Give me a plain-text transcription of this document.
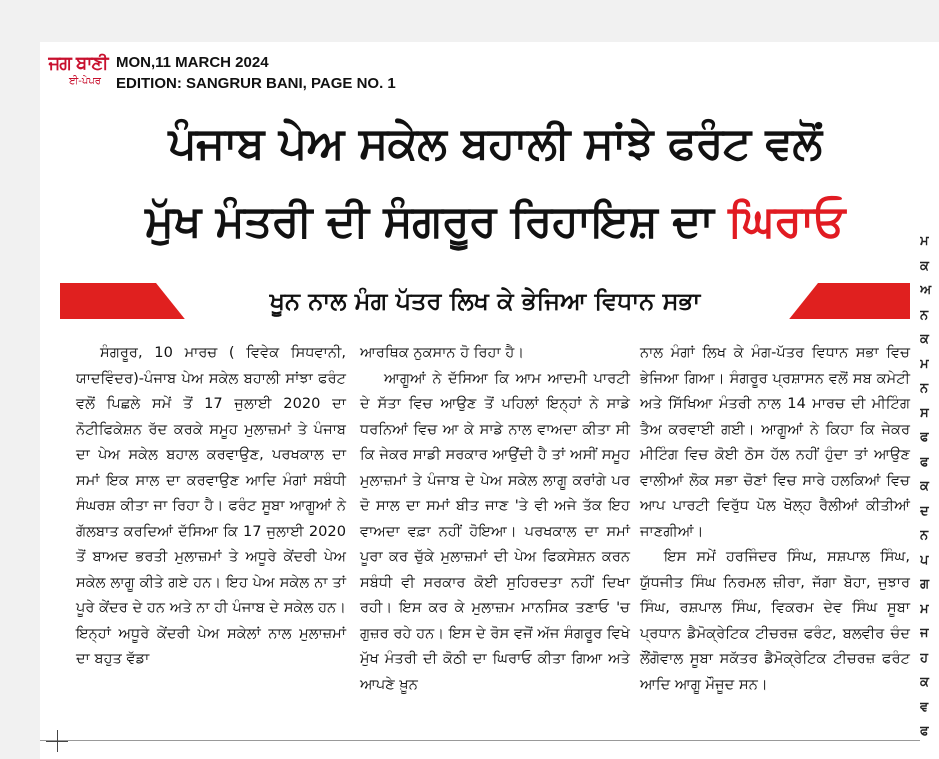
ਜਗ ਬਾਣੀ
ਈ-ਪੇਪਰ
MON,11 MARCH 2024
EDITION: SANGRUR BANI, PAGE NO. 1
ਪੰਜਾਬ ਪੇਅ ਸਕੇਲ ਬਹਾਲੀ ਸਾਂਝੇ ਫਰੰਟ ਵਲੋਂ
ਮੁੱਖ ਮੰਤਰੀ ਦੀ ਸੰਗਰੂਰ ਰਿਹਾਇਸ਼ ਦਾ ਘਿਰਾਓ
ਖੂਨ ਨਾਲ ਮੰਗ ਪੱਤਰ ਲਿਖ ਕੇ ਭੇਜਿਆ ਵਿਧਾਨ ਸਭਾ

ਸੰਗਰੂਰ, 10 ਮਾਰਚ ( ਵਿਵੇਕ ਸਿਧਵਾਨੀ, ਯਾਦਵਿੰਦਰ)-ਪੰਜਾਬ ਪੇਅ ਸਕੇਲ ਬਹਾਲੀ ਸਾਂਝਾ ਫਰੰਟ ਵਲੋਂ ਪਿਛਲੇ ਸਮੇਂ ਤੋਂ 17 ਜੁਲਾਈ 2020 ਦਾ ਨੋਟੀਫਿਕੇਸ਼ਨ ਰੱਦ ਕਰਕੇ ਸਮੂਹ ਮੁਲਾਜ਼ਮਾਂ ਤੇ ਪੰਜਾਬ ਦਾ ਪੇਅ ਸਕੇਲ ਬਹਾਲ ਕਰਵਾਉਣ, ਪਰਖਕਾਲ ਦਾ ਸਮਾਂ ਇਕ ਸਾਲ ਦਾ ਕਰਵਾਉਣ ਆਦਿ ਮੰਗਾਂ ਸਬੰਧੀ ਸੰਘਰਸ਼ ਕੀਤਾ ਜਾ ਰਿਹਾ ਹੈ। ਫਰੰਟ ਸੂਬਾ ਆਗੂਆਂ ਨੇ ਗੱਲਬਾਤ ਕਰਦਿਆਂ ਦੱਸਿਆ ਕਿ 17 ਜੁਲਾਈ 2020 ਤੋਂ ਬਾਅਦ ਭਰਤੀ ਮੁਲਾਜ਼ਮਾਂ ਤੇ ਅਧੂਰੇ ਕੇਂਦਰੀ ਪੇਅ ਸਕੇਲ ਲਾਗੂ ਕੀਤੇ ਗਏ ਹਨ। ਇਹ ਪੇਅ ਸਕੇਲ ਨਾ ਤਾਂ ਪੂਰੇ ਕੇਂਦਰ ਦੇ ਹਨ ਅਤੇ ਨਾ ਹੀ ਪੰਜਾਬ ਦੇ ਸਕੇਲ ਹਨ। ਇਨ੍ਹਾਂ ਅਧੂਰੇ ਕੇਂਦਰੀ ਪੇਅ ਸਕੇਲਾਂ ਨਾਲ ਮੁਲਾਜ਼ਮਾਂ ਦਾ ਬਹੁਤ ਵੱਡਾ

ਆਰਥਿਕ ਨੁਕਸਾਨ ਹੋ ਰਿਹਾ ਹੈ।

ਆਗੂਆਂ ਨੇ ਦੱਸਿਆ ਕਿ ਆਮ ਆਦਮੀ ਪਾਰਟੀ ਦੇ ਸੱਤਾ ਵਿਚ ਆਉਣ ਤੋਂ ਪਹਿਲਾਂ ਇਨ੍ਹਾਂ ਨੇ ਸਾਡੇ ਧਰਨਿਆਂ ਵਿਚ ਆ ਕੇ ਸਾਡੇ ਨਾਲ ਵਾਅਦਾ ਕੀਤਾ ਸੀ ਕਿ ਜੇਕਰ ਸਾਡੀ ਸਰਕਾਰ ਆਉਂਦੀ ਹੈ ਤਾਂ ਅਸੀਂ ਸਮੂਹ ਮੁਲਾਜ਼ਮਾਂ ਤੇ ਪੰਜਾਬ ਦੇ ਪੇਅ ਸਕੇਲ ਲਾਗੂ ਕਰਾਂਗੇ ਪਰ ਦੋ ਸਾਲ ਦਾ ਸਮਾਂ ਬੀਤ ਜਾਣ 'ਤੇ ਵੀ ਅਜੇ ਤੱਕ ਇਹ ਵਾਅਦਾ ਵਫ਼ਾ ਨਹੀਂ ਹੋਇਆ। ਪਰਖਕਾਲ ਦਾ ਸਮਾਂ ਪੂਰਾ ਕਰ ਚੁੱਕੇ ਮੁਲਾਜ਼ਮਾਂ ਦੀ ਪੇਅ ਫਿਕਸੇਸ਼ਨ ਕਰਨ ਸਬੰਧੀ ਵੀ ਸਰਕਾਰ ਕੋਈ ਸੁਹਿਰਦਤਾ ਨਹੀਂ ਦਿਖਾ ਰਹੀ। ਇਸ ਕਰ ਕੇ ਮੁਲਾਜ਼ਮ ਮਾਨਸਿਕ ਤਣਾਓ 'ਚ ਗੁਜ਼ਰ ਰਹੇ ਹਨ। ਇਸ ਦੇ ਰੋਸ ਵਜੋਂ ਅੱਜ ਸੰਗਰੂਰ ਵਿਖੇ ਮੁੱਖ ਮੰਤਰੀ ਦੀ ਕੋਠੀ ਦਾ ਘਿਰਾਓ ਕੀਤਾ ਗਿਆ ਅਤੇ ਆਪਣੇ ਖ਼ੂਨ

ਨਾਲ ਮੰਗਾਂ ਲਿਖ ਕੇ ਮੰਗ-ਪੱਤਰ ਵਿਧਾਨ ਸਭਾ ਵਿਚ ਭੇਜਿਆ ਗਿਆ। ਸੰਗਰੂਰ ਪ੍ਰਸ਼ਾਸਨ ਵਲੋਂ ਸਬ ਕਮੇਟੀ ਅਤੇ ਸਿੱਖਿਆ ਮੰਤਰੀ ਨਾਲ 14 ਮਾਰਚ ਦੀ ਮੀਟਿੰਗ ਤੈਅ ਕਰਵਾਈ ਗਈ। ਆਗੂਆਂ ਨੇ ਕਿਹਾ ਕਿ ਜੇਕਰ ਮੀਟਿੰਗ ਵਿਚ ਕੋਈ ਠੋਸ ਹੱਲ ਨਹੀਂ ਹੁੰਦਾ ਤਾਂ ਆਉਣ ਵਾਲੀਆਂ ਲੋਕ ਸਭਾ ਚੋਣਾਂ ਵਿਚ ਸਾਰੇ ਹਲਕਿਆਂ ਵਿਚ ਆਪ ਪਾਰਟੀ ਵਿਰੁੱਧ ਪੋਲ ਖੋਲ੍ਹ ਰੈਲੀਆਂ ਕੀਤੀਆਂ ਜਾਣਗੀਆਂ।

ਇਸ ਸਮੇਂ ਹਰਜਿੰਦਰ ਸਿੰਘ, ਸਸ਼ਪਾਲ ਸਿੰਘ, ਯੁੱਧਜੀਤ ਸਿੰਘ ਨਿਰਮਲ ਜ਼ੀਰਾ, ਜੱਗਾ ਬੋਹਾ, ਜੁਝਾਰ ਸਿੰਘ, ਰਸ਼ਪਾਲ ਸਿੰਘ, ਵਿਕਰਮ ਦੇਵ ਸਿੰਘ ਸੂਬਾ ਪ੍ਰਧਾਨ ਡੈਮੋਕ੍ਰੇਟਿਕ ਟੀਚਰਜ਼ ਫਰੰਟ, ਬਲਵੀਰ ਚੰਦ ਲੌਂਗੋਵਾਲ ਸੂਬਾ ਸਕੱਤਰ ਡੈਮੋਕ੍ਰੇਟਿਕ ਟੀਚਰਜ਼ ਫਰੰਟ ਆਦਿ ਆਗੂ ਮੌਜੂਦ ਸਨ।

ਮ
ਕ
ਅ
ਨ
ਕ
ਮ
ਨ
ਸ
ਫ
ਫ
ਕ
ਦ
ਨ
ਪ
ਗ
ਮ
ਜ
ਹ
ਕ
ਵ
ਫ
